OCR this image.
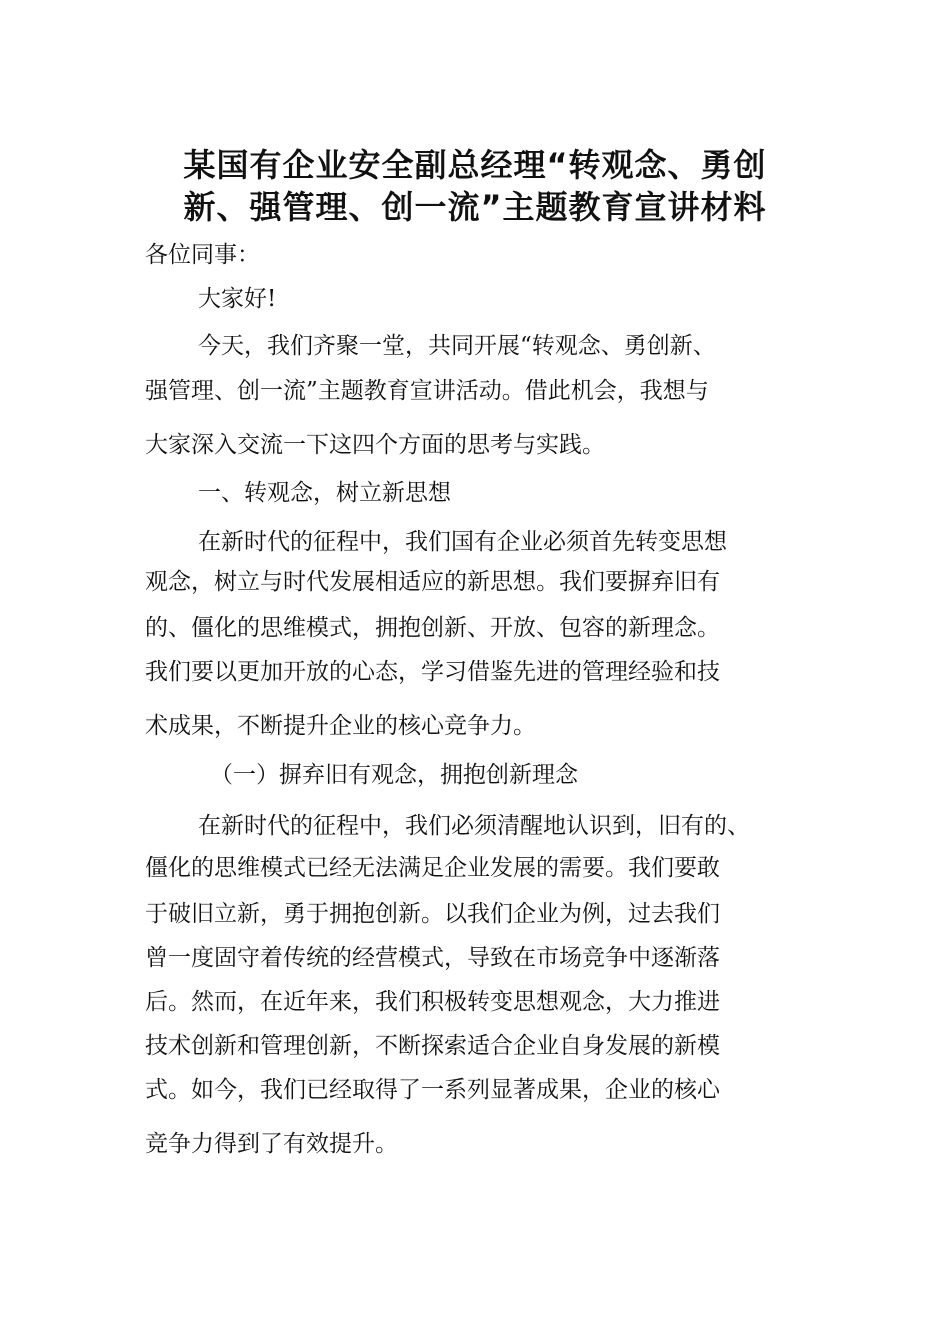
某国有企业安全副总经理“转观念、勇创
新、强管理、创一流”主题教育宣讲材料
各位同事：
大家好!
今天，我们齐聚一堂，共同开展“转观念、勇创新、
强管理、创一流”主题教育宣讲活动。借此机会，我想与
大家深入交流一下这四个方面的思考与实践。
一、转观念，树立新思想
在新时代的征程中，我们国有企业必须首先转变思想
观念，树立与时代发展相适应的新思想。我们要摒弃旧有
的、僵化的思维模式，拥抱创新、开放、包容的新理念。
我们要以更加开放的心态，学习借鉴先进的管理经验和技
术成果，不断提升企业的核心竞争力。
（一）摒弃旧有观念，拥抱创新理念
在新时代的征程中，我们必须清醒地认识到，旧有的、
僵化的思维模式已经无法满足企业发展的需要。我们要敢
于破旧立新，勇于拥抱创新。以我们企业为例，过去我们
曾一度固守着传统的经营模式，导致在市场竞争中逐渐落
后。然而，在近年来，我们积极转变思想观念，大力推进
技术创新和管理创新，不断探索适合企业自身发展的新模
式。如今，我们已经取得了一系列显著成果，企业的核心
竞争力得到了有效提升。
